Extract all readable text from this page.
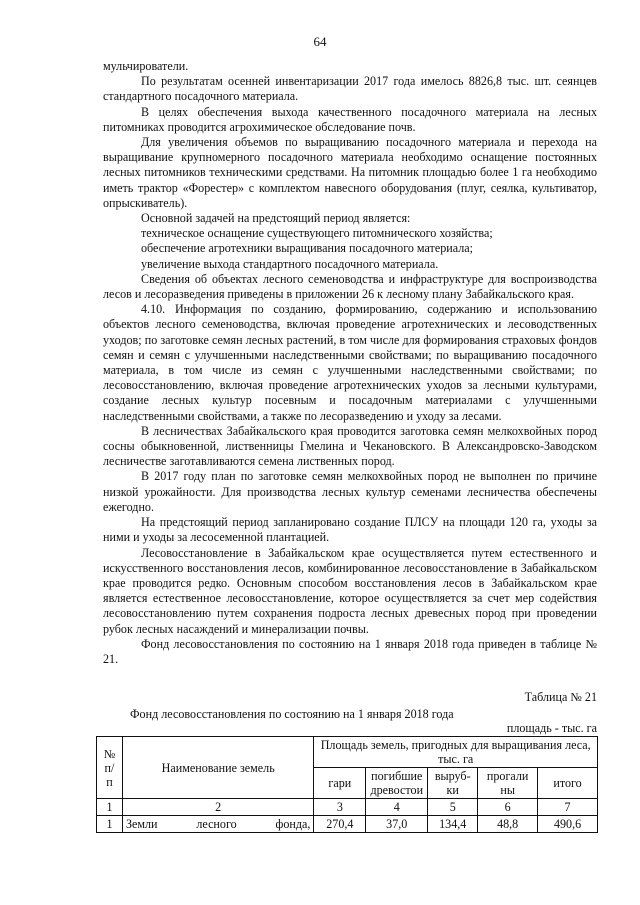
64

мульчирователи.

По результатам осенней инвентаризации 2017 года имелось 8826,8 тыс. шт. сеянцев стандартного посадочного материала.

В целях обеспечения выхода качественного посадочного материала на лесных питомниках проводится агрохимическое обследование почв.

Для увеличения объемов по выращиванию посадочного материала и перехода на выращивание крупномерного посадочного материала необходимо оснащение постоянных лесных питомников техническими средствами. На питомник площадью более 1 га необходимо иметь трактор «Форестер» с комплектом навесного оборудования (плуг, сеялка, культиватор, опрыскиватель).

Основной задачей на предстоящий период является:

техническое оснащение существующего питомнического хозяйства;

обеспечение агротехники выращивания посадочного материала;

увеличение выхода стандартного посадочного материала.

Сведения об объектах лесного семеноводства и инфраструктуре для воспроизводства лесов и лесоразведения приведены в приложении 26 к лесному плану Забайкальского края.

4.10. Информация по созданию, формированию, содержанию и использованию объектов лесного семеноводства, включая проведение агротехнических и лесоводственных уходов; по заготовке семян лесных растений, в том числе для формирования страховых фондов семян и семян с улучшенными наследственными свойствами; по выращиванию посадочного материала, в том числе из семян с улучшенными наследственными свойствами; по лесовосстановлению, включая проведение агротехнических уходов за лесными культурами, создание лесных культур посевным и посадочным материалами с улучшенными наследственными свойствами, а также по лесоразведению и уходу за лесами.

В лесничествах Забайкальского края проводится заготовка семян мелкохвойных пород сосны обыкновенной, лиственницы Гмелина и Чекановского. В Александровско-Заводском лесничестве заготавливаются семена лиственных пород.

В 2017 году план по заготовке семян мелкохвойных пород не выполнен по причине низкой урожайности. Для производства лесных культур семенами лесничества обеспечены ежегодно.

На предстоящий период запланировано создание ПЛСУ на площади 120 га, уходы за ними и уходы за лесосеменной плантацией.

Лесовосстановление в Забайкальском крае осуществляется путем естественного и искусственного восстановления лесов, комбинированное лесовосстановление в Забайкальском крае проводится редко. Основным способом восстановления лесов в Забайкальском крае является естественное лесовосстановление, которое осуществляется за счет мер содействия лесовосстановлению путем сохранения подроста лесных древесных пород при проведении рубок лесных насаждений и минерализации почвы.

Фонд лесовосстановления по состоянию на 1 января 2018 года приведен в таблице № 21.

Таблица № 21
Фонд лесовосстановления по состоянию на 1 января 2018 года
площадь - тыс. га
№ п/ п	Наименование земель	Площадь земель, пригодных для выращивания леса, тыс. га				
		гари	погибшие древостои	выруб-ки	прогали ны	итого
1	2	3	4	5	6	7
1	Земли лесного фонда,	270,4	37,0	134,4	48,8	490,6
